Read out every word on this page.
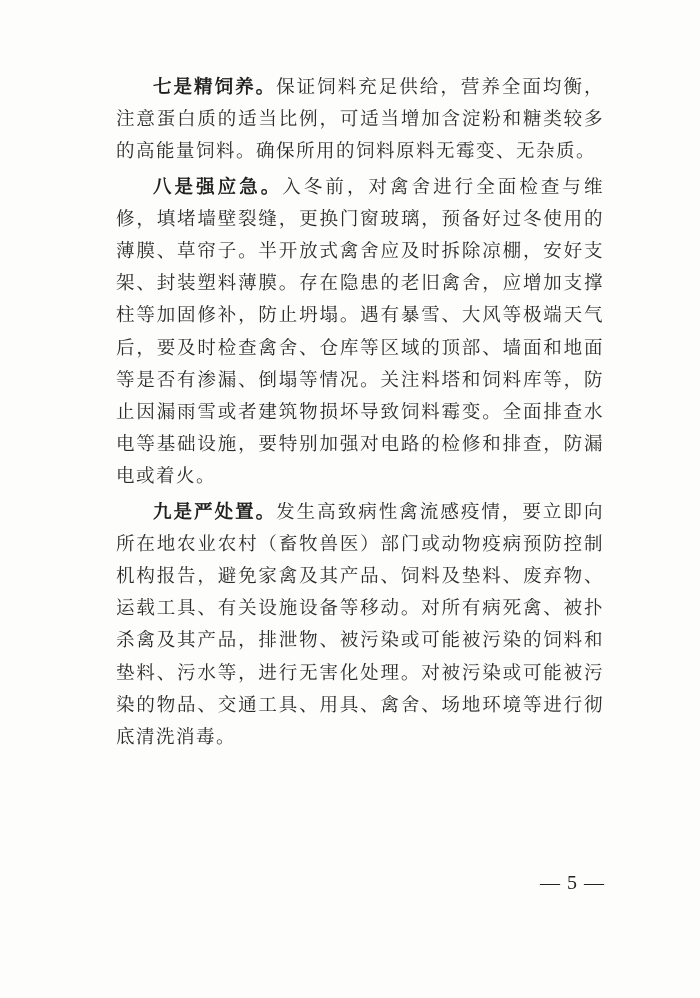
七是精饲养。保证饲料充足供给，营养全面均衡，注意蛋白质的适当比例，可适当增加含淀粉和糖类较多的高能量饲料。确保所用的饲料原料无霉变、无杂质。

八是强应急。入冬前，对禽舍进行全面检查与维修，填堵墙壁裂缝，更换门窗玻璃，预备好过冬使用的薄膜、草帘子。半开放式禽舍应及时拆除凉棚，安好支架、封装塑料薄膜。存在隐患的老旧禽舍，应增加支撑柱等加固修补，防止坍塌。遇有暴雪、大风等极端天气后，要及时检查禽舍、仓库等区域的顶部、墙面和地面等是否有渗漏、倒塌等情况。关注料塔和饲料库等，防止因漏雨雪或者建筑物损坏导致饲料霉变。全面排查水电等基础设施，要特别加强对电路的检修和排查，防漏电或着火。

九是严处置。发生高致病性禽流感疫情，要立即向所在地农业农村（畜牧兽医）部门或动物疫病预防控制机构报告，避免家禽及其产品、饲料及垫料、废弃物、运载工具、有关设施设备等移动。对所有病死禽、被扑杀禽及其产品，排泄物、被污染或可能被污染的饲料和垫料、污水等，进行无害化处理。对被污染或可能被污染的物品、交通工具、用具、禽舍、场地环境等进行彻底清洗消毒。

— 5 —
